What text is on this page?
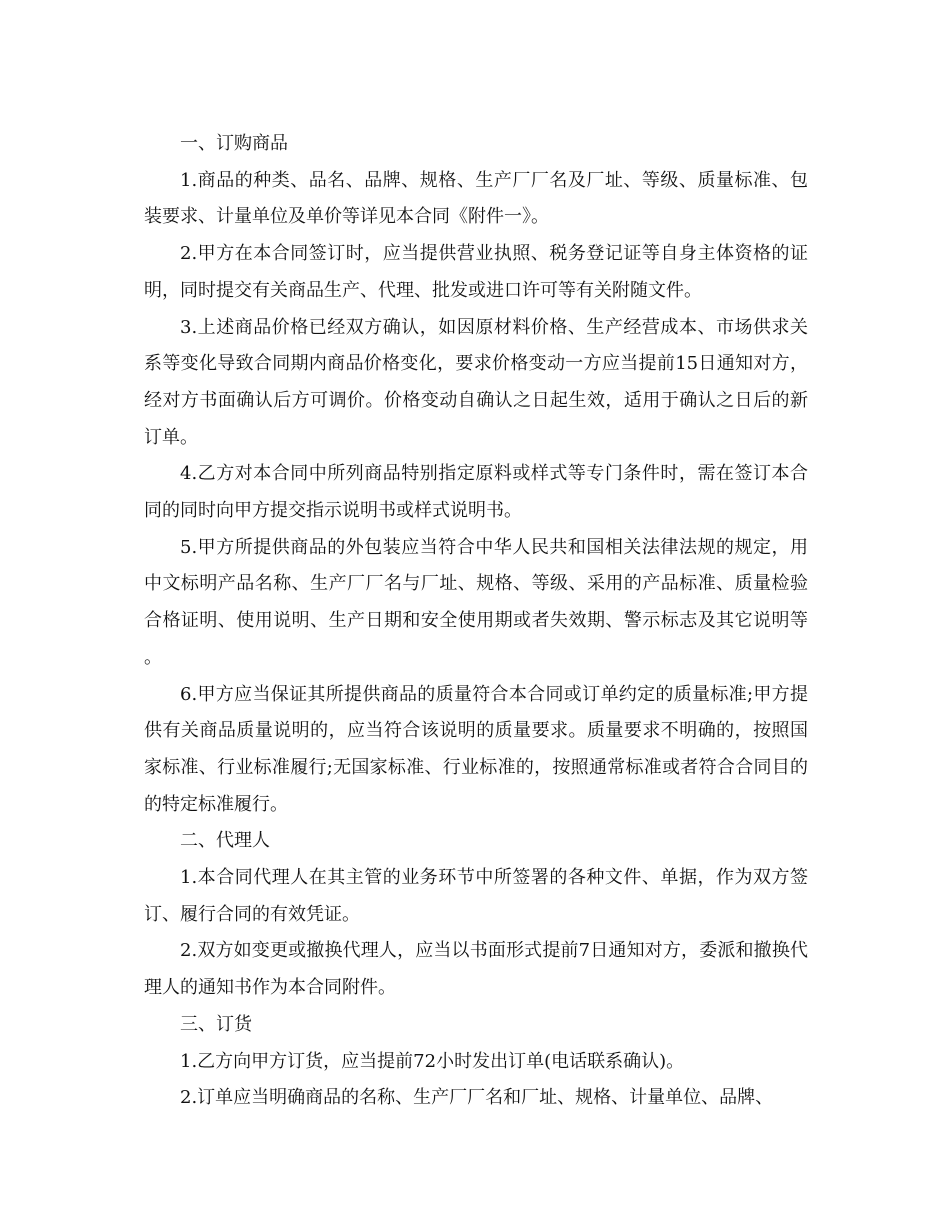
一、订购商品

1.商品的种类、品名、品牌、规格、生产厂厂名及厂址、等级、质量标准、包装要求、计量单位及单价等详见本合同《附件一》。

2.甲方在本合同签订时，应当提供营业执照、税务登记证等自身主体资格的证明，同时提交有关商品生产、代理、批发或进口许可等有关附随文件。

3.上述商品价格已经双方确认，如因原材料价格、生产经营成本、市场供求关系等变化导致合同期内商品价格变化，要求价格变动一方应当提前15日通知对方，经对方书面确认后方可调价。价格变动自确认之日起生效，适用于确认之日后的新订单。

4.乙方对本合同中所列商品特别指定原料或样式等专门条件时，需在签订本合同的同时向甲方提交指示说明书或样式说明书。

5.甲方所提供商品的外包装应当符合中华人民共和国相关法律法规的规定，用中文标明产品名称、生产厂厂名与厂址、规格、等级、采用的产品标准、质量检验合格证明、使用说明、生产日期和安全使用期或者失效期、警示标志及其它说明等。

6.甲方应当保证其所提供商品的质量符合本合同或订单约定的质量标准;甲方提供有关商品质量说明的，应当符合该说明的质量要求。质量要求不明确的，按照国家标准、行业标准履行;无国家标准、行业标准的，按照通常标准或者符合合同目的的特定标准履行。

二、代理人

1.本合同代理人在其主管的业务环节中所签署的各种文件、单据，作为双方签订、履行合同的有效凭证。

2.双方如变更或撤换代理人，应当以书面形式提前7日通知对方，委派和撤换代理人的通知书作为本合同附件。

三、订货

1.乙方向甲方订货，应当提前72小时发出订单(电话联系确认)。

2.订单应当明确商品的名称、生产厂厂名和厂址、规格、计量单位、品牌、
